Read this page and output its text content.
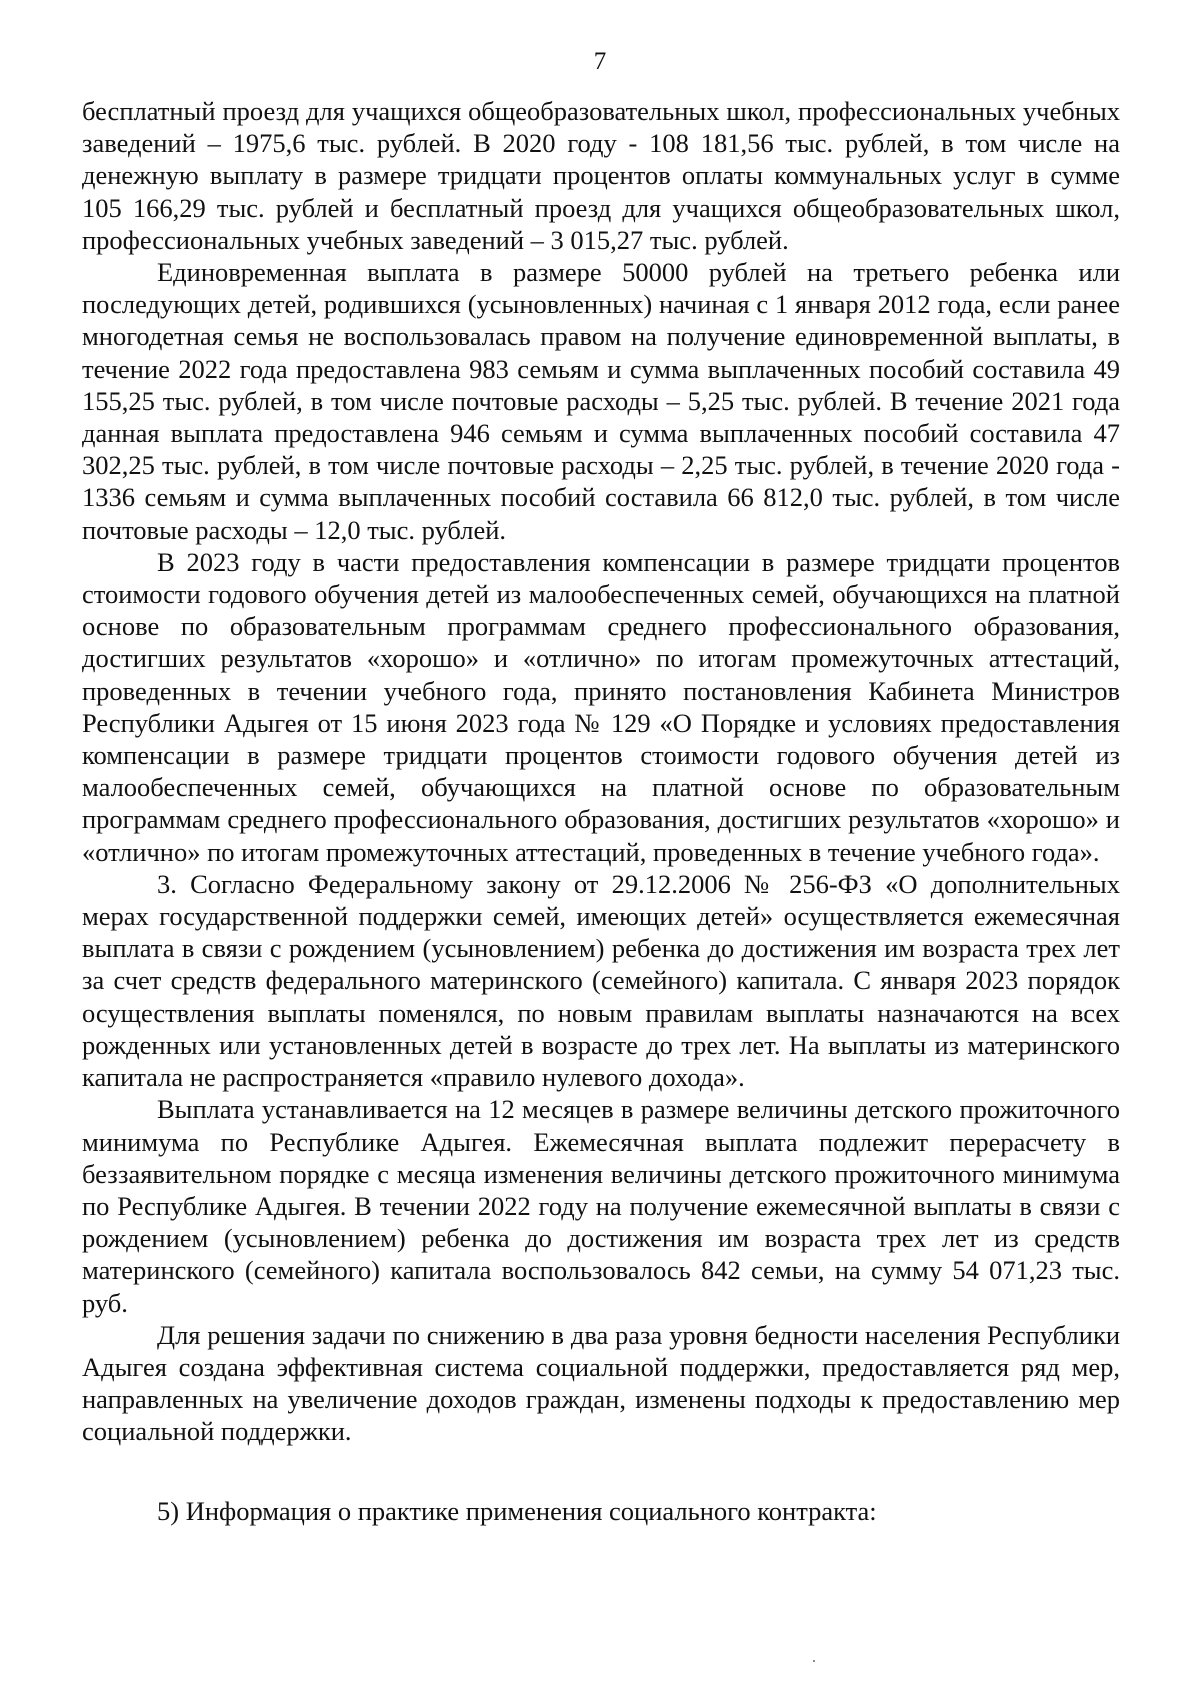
7

бесплатный проезд для учащихся общеобразовательных школ, профессиональных учебных заведений – 1975,6 тыс. рублей. В 2020 году - 108 181,56 тыс. рублей, в том числе на денежную выплату в размере тридцати процентов оплаты коммунальных услуг в сумме 105 166,29 тыс. рублей и бесплатный проезд для учащихся общеобразовательных школ, профессиональных учебных заведений – 3 015,27 тыс. рублей.

Единовременная выплата в размере 50000 рублей на третьего ребенка или последующих детей, родившихся (усыновленных) начиная с 1 января 2012 года, если ранее многодетная семья не воспользовалась правом на получение единовременной выплаты, в течение 2022 года предоставлена 983 семьям и сумма выплаченных пособий составила 49 155,25 тыс. рублей, в том числе почтовые расходы – 5,25 тыс. рублей. В течение 2021 года данная выплата предоставлена 946 семьям и сумма выплаченных пособий составила 47 302,25 тыс. рублей, в том числе почтовые расходы – 2,25 тыс. рублей, в течение 2020 года - 1336 семьям и сумма выплаченных пособий составила 66 812,0 тыс. рублей, в том числе почтовые расходы – 12,0 тыс. рублей.

В 2023 году в части предоставления компенсации в размере тридцати процентов стоимости годового обучения детей из малообеспеченных семей, обучающихся на платной основе по образовательным программам среднего профессионального образования, достигших результатов «хорошо» и «отлично» по итогам промежуточных аттестаций, проведенных в течении учебного года, принято постановления Кабинета Министров Республики Адыгея от 15 июня 2023 года № 129 «О Порядке и условиях предоставления компенсации в размере тридцати процентов стоимости годового обучения детей из малообеспеченных семей, обучающихся на платной основе по образовательным программам среднего профессионального образования, достигших результатов «хорошо» и «отлично» по итогам промежуточных аттестаций, проведенных в течение учебного года».

3. Согласно Федеральному закону от 29.12.2006 № 256-ФЗ «О дополнительных мерах государственной поддержки семей, имеющих детей» осуществляется ежемесячная выплата в связи с рождением (усыновлением) ребенка до достижения им возраста трех лет за счет средств федерального материнского (семейного) капитала. С января 2023 порядок осуществления выплаты поменялся, по новым правилам выплаты назначаются на всех рожденных или установленных детей в возрасте до трех лет. На выплаты из материнского капитала не распространяется «правило нулевого дохода».

Выплата устанавливается на 12 месяцев в размере величины детского прожиточного минимума по Республике Адыгея. Ежемесячная выплата подлежит перерасчету в беззаявительном порядке с месяца изменения величины детского прожиточного минимума по Республике Адыгея. В течении 2022 году на получение ежемесячной выплаты в связи с рождением (усыновлением) ребенка до достижения им возраста трех лет из средств материнского (семейного) капитала воспользовалось 842 семьи, на сумму 54 071,23 тыс. руб.

Для решения задачи по снижению в два раза уровня бедности населения Республики Адыгея создана эффективная система социальной поддержки, предоставляется ряд мер, направленных на увеличение доходов граждан, изменены подходы к предоставлению мер социальной поддержки.

5) Информация о практике применения социального контракта:
